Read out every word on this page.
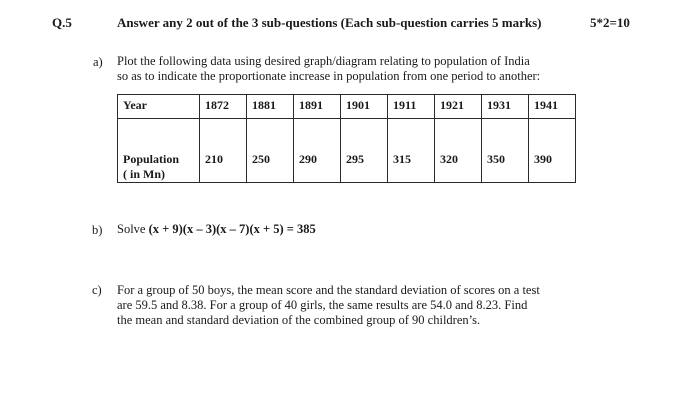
Q.5	Answer any 2 out of the 3 sub-questions (Each sub-question carries 5 marks)	5*2=10
a) Plot the following data using desired graph/diagram relating to population of India
so as to indicate the proportionate increase in population from one period to another:
Year	1872	1881	1891	1901	1911	1921	1931	1941
Population
( in Mn)	210	250	290	295	315	320	350	390
b) Solve (x + 9)(x – 3)(x – 7)(x + 5) = 385
c) For a group of 50 boys, the mean score and the standard deviation of scores on a test
are 59.5 and 8.38. For a group of 40 girls, the same results are 54.0 and 8.23. Find
the mean and standard deviation of the combined group of 90 children’s.
